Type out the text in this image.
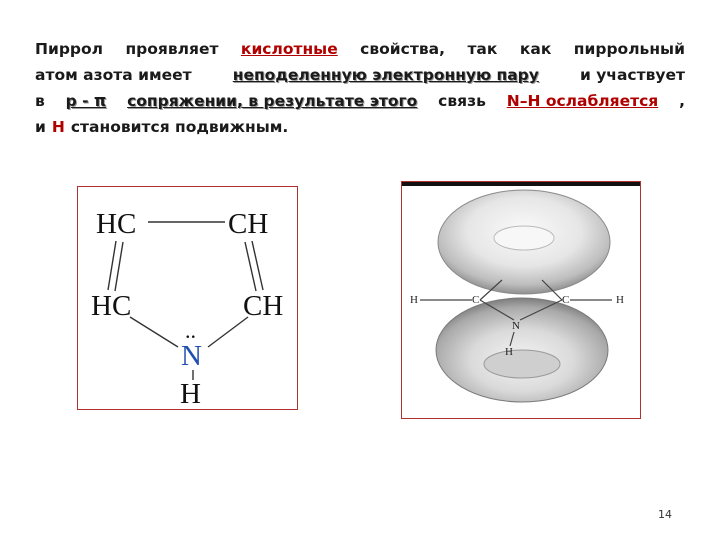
Пиррол проявляет кислотные свойства, так как пиррольный
атом азота имеет	неподеленную электронную пару	и участвует
в р - π сопряжении, в результате этого связь N–H ослабляется ,
и H становится подвижным.
HC	CH
HC	CH
N
H
..
H	C
N
C	H
H
14
